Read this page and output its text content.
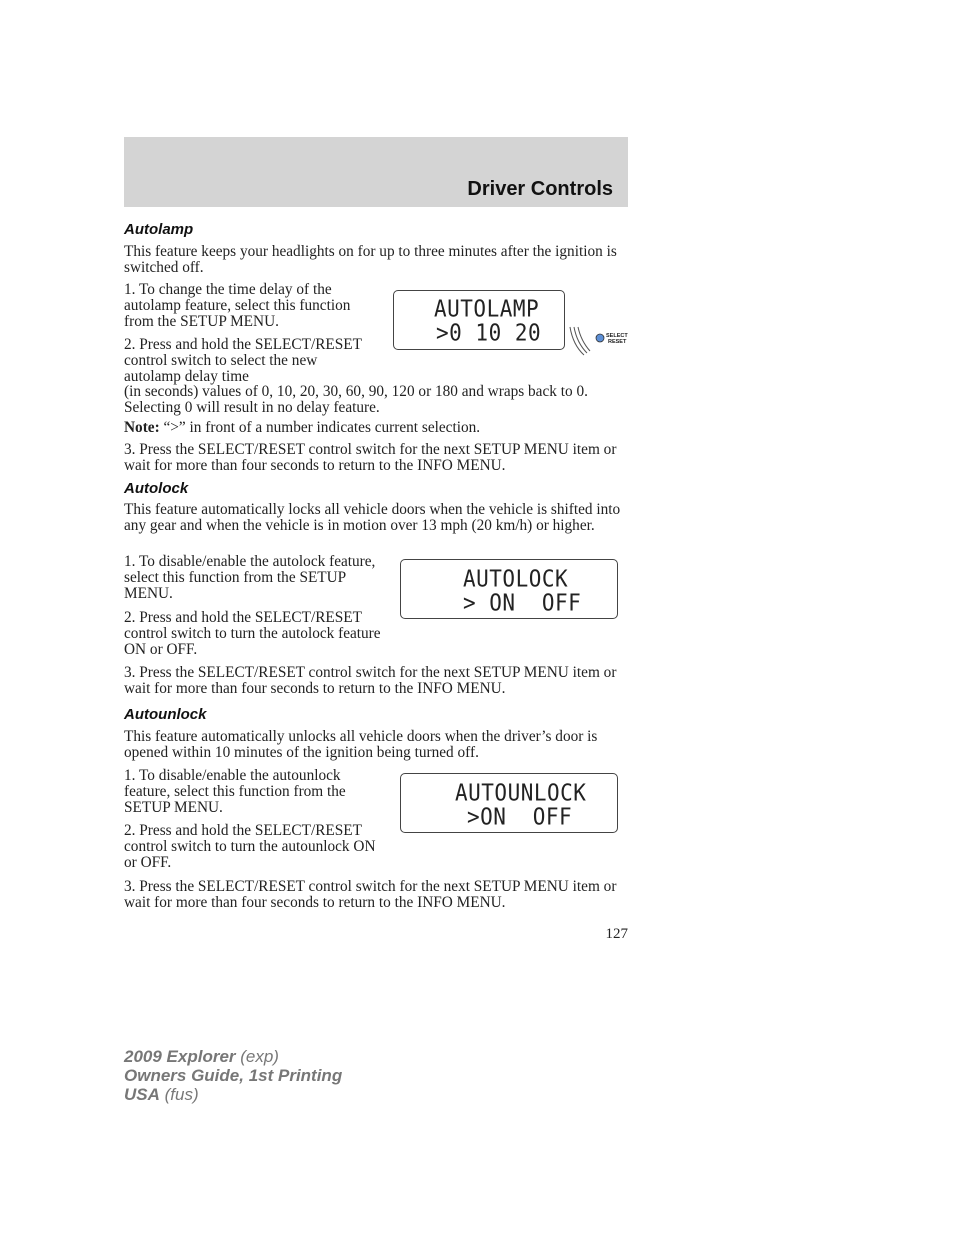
Driver Controls
Autolamp

This feature keeps your headlights on for up to three minutes after the ignition is switched off.

1. To change the time delay of the autolamp feature, select this function from the SETUP MENU.

2. Press and hold the SELECT/RESET control switch to select the new autolamp delay time

(in seconds) values of 0, 10, 20, 30, 60, 90, 120 or 180 and wraps back to 0. Selecting 0 will result in no delay feature.

Note: “>” in front of a number indicates current selection.

3. Press the SELECT/RESET control switch for the next SETUP MENU item or wait for more than four seconds to return to the INFO MENU.

AUTOLAMP
>0 10 20	SELECT
RESET
Autolock

This feature automatically locks all vehicle doors when the vehicle is shifted into any gear and when the vehicle is in motion over 13 mph (20 km/h) or higher.

1. To disable/enable the autolock feature, select this function from the SETUP MENU.

2. Press and hold the SELECT/RESET control switch to turn the autolock feature ON or OFF.

3. Press the SELECT/RESET control switch for the next SETUP MENU item or wait for more than four seconds to return to the INFO MENU.

AUTOLOCK
> ON  OFF
Autounlock

This feature automatically unlocks all vehicle doors when the driver’s door is opened within 10 minutes of the ignition being turned off.

1. To disable/enable the autounlock feature, select this function from the SETUP MENU.

2. Press and hold the SELECT/RESET control switch to turn the autounlock ON or OFF.

3. Press the SELECT/RESET control switch for the next SETUP MENU item or wait for more than four seconds to return to the INFO MENU.

AUTOUNLOCK
>ON  OFF
127
2009 Explorer (exp)
Owners Guide, 1st Printing
USA (fus)
